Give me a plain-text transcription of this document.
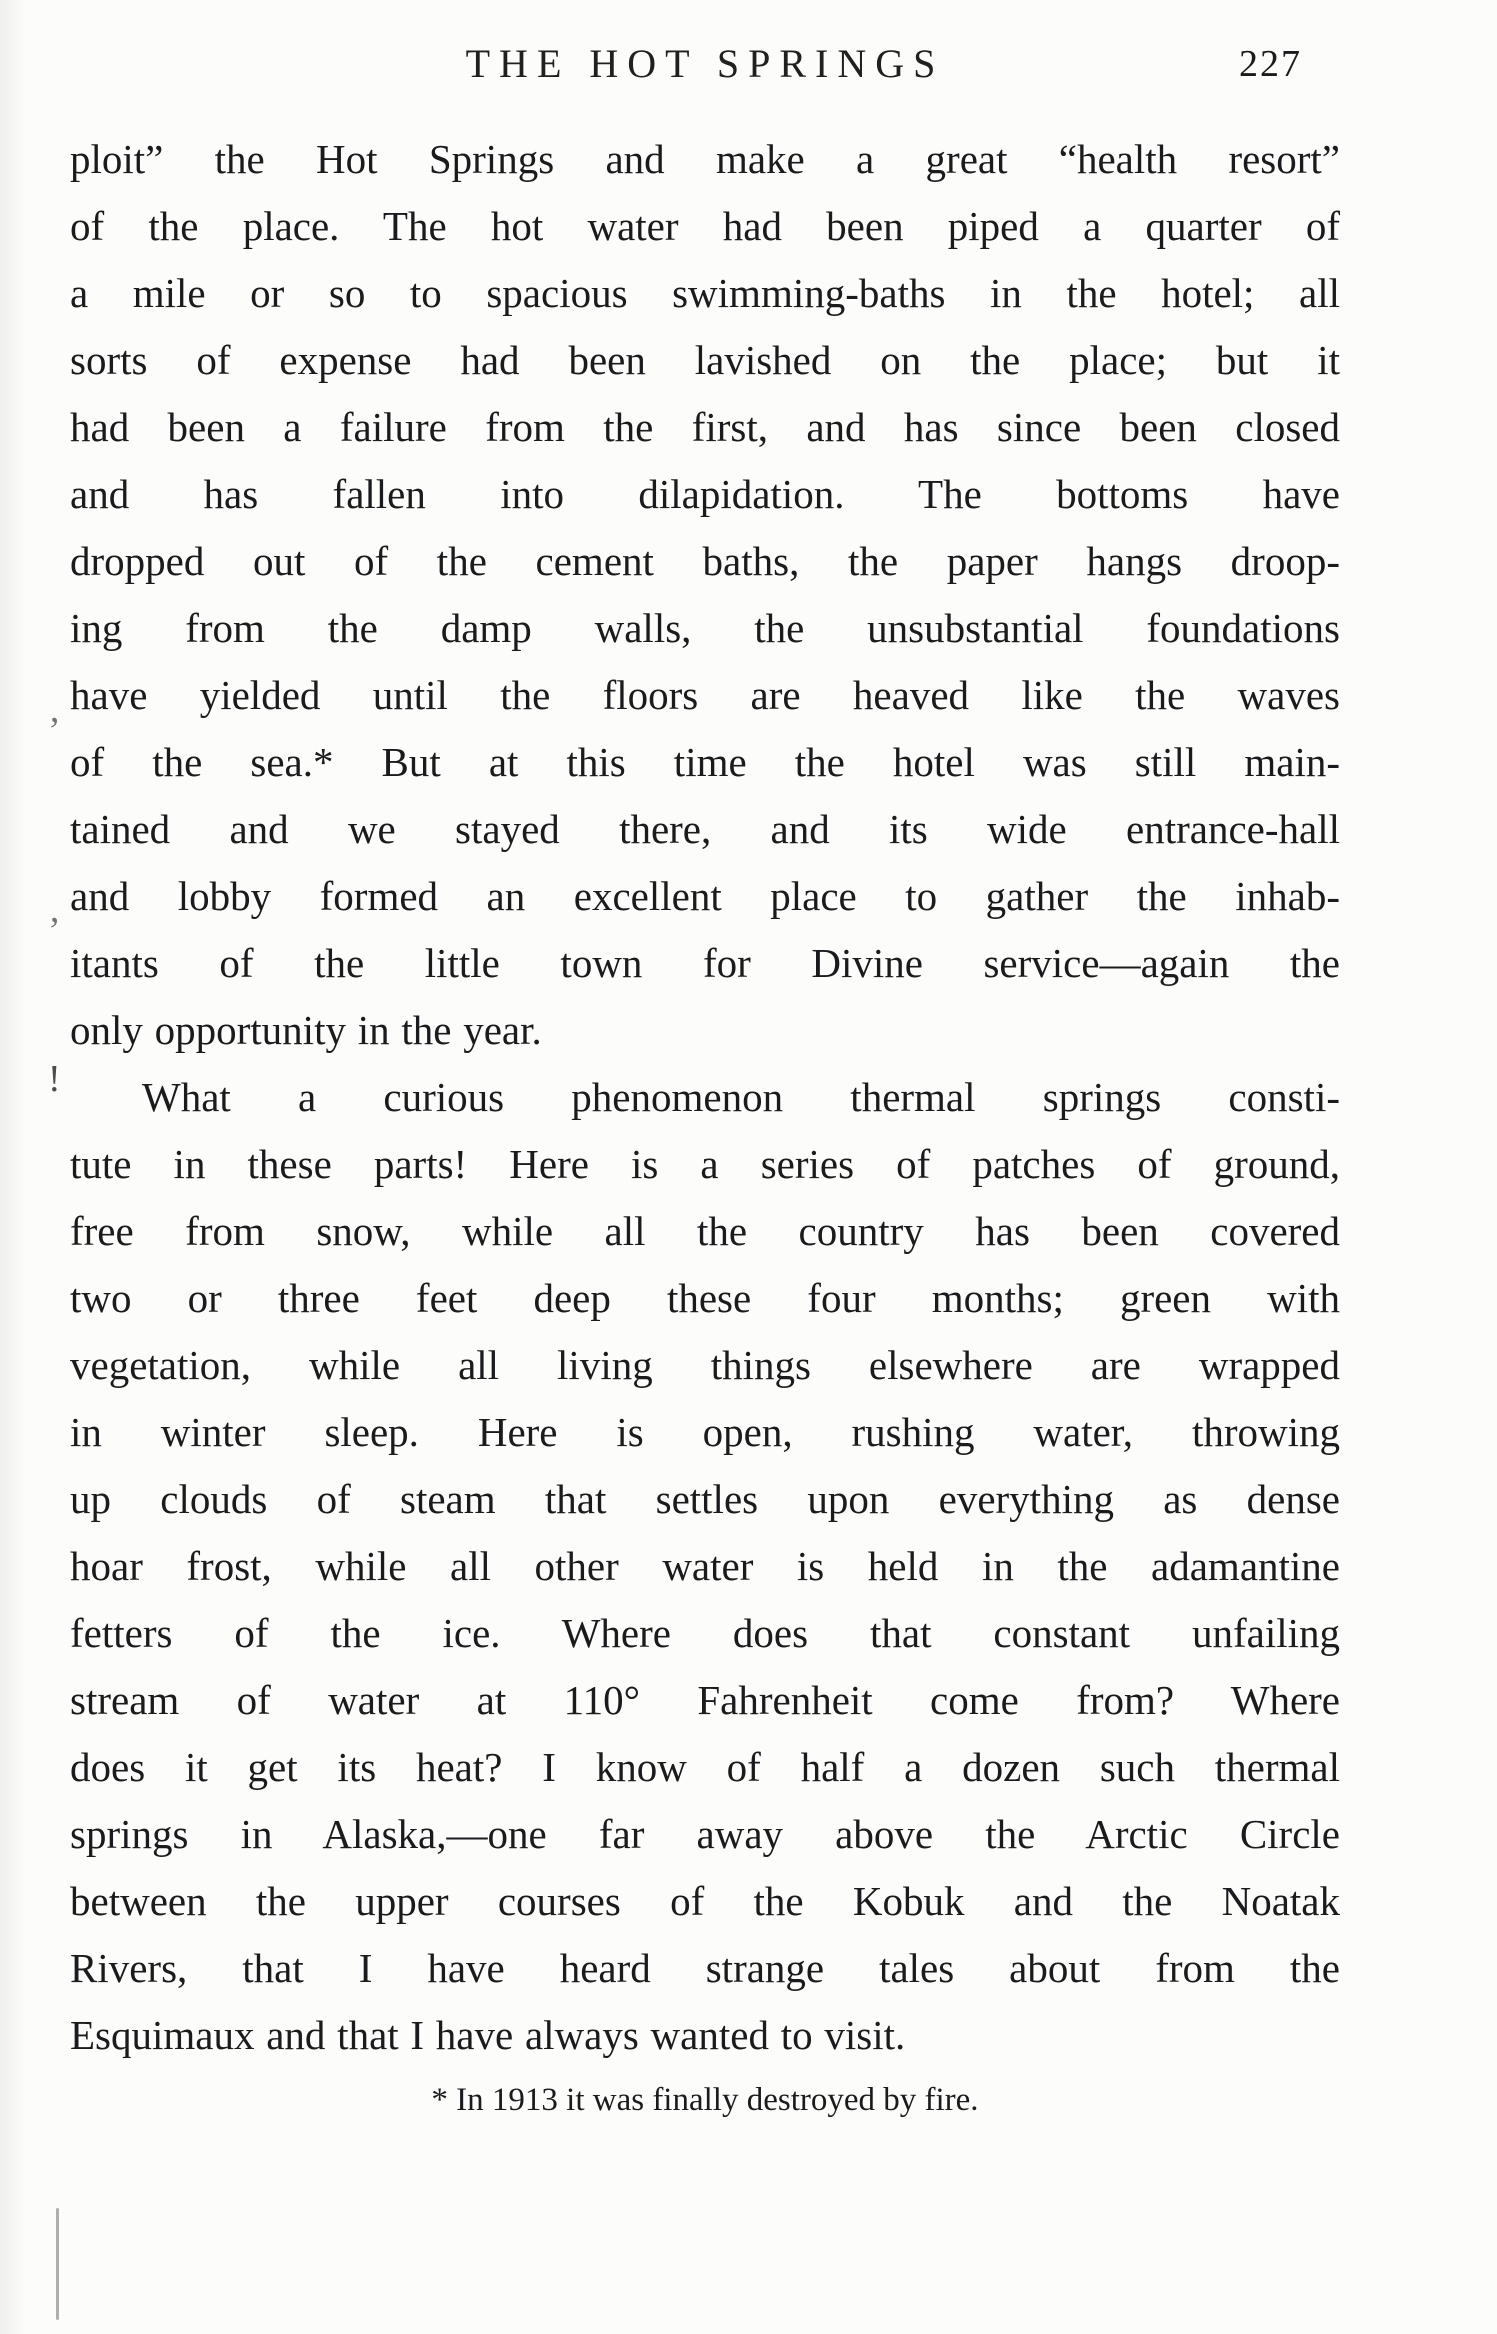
THE HOT SPRINGS	227
ploit” the Hot Springs and make a great “health resort”
of the place. The hot water had been piped a quarter of
a mile or so to spacious swimming-baths in the hotel; all
sorts of expense had been lavished on the place; but it
had been a failure from the first, and has since been closed
and has fallen into dilapidation. The bottoms have
dropped out of the cement baths, the paper hangs droop-
ing from the damp walls, the unsubstantial foundations
have yielded until the floors are heaved like the waves
of the sea.* But at this time the hotel was still main-
tained and we stayed there, and its wide entrance-hall
and lobby formed an excellent place to gather the inhab-
itants of the little town for Divine service—again the
only opportunity in the year.
What a curious phenomenon thermal springs consti-
tute in these parts! Here is a series of patches of ground,
free from snow, while all the country has been covered
two or three feet deep these four months; green with
vegetation, while all living things elsewhere are wrapped
in winter sleep. Here is open, rushing water, throwing
up clouds of steam that settles upon everything as dense
hoar frost, while all other water is held in the adamantine
fetters of the ice. Where does that constant unfailing
stream of water at 110° Fahrenheit come from? Where
does it get its heat? I know of half a dozen such thermal
springs in Alaska,—one far away above the Arctic Circle
between the upper courses of the Kobuk and the Noatak
Rivers, that I have heard strange tales about from the
Esquimaux and that I have always wanted to visit.
* In 1913 it was finally destroyed by fire.
’
’
!
